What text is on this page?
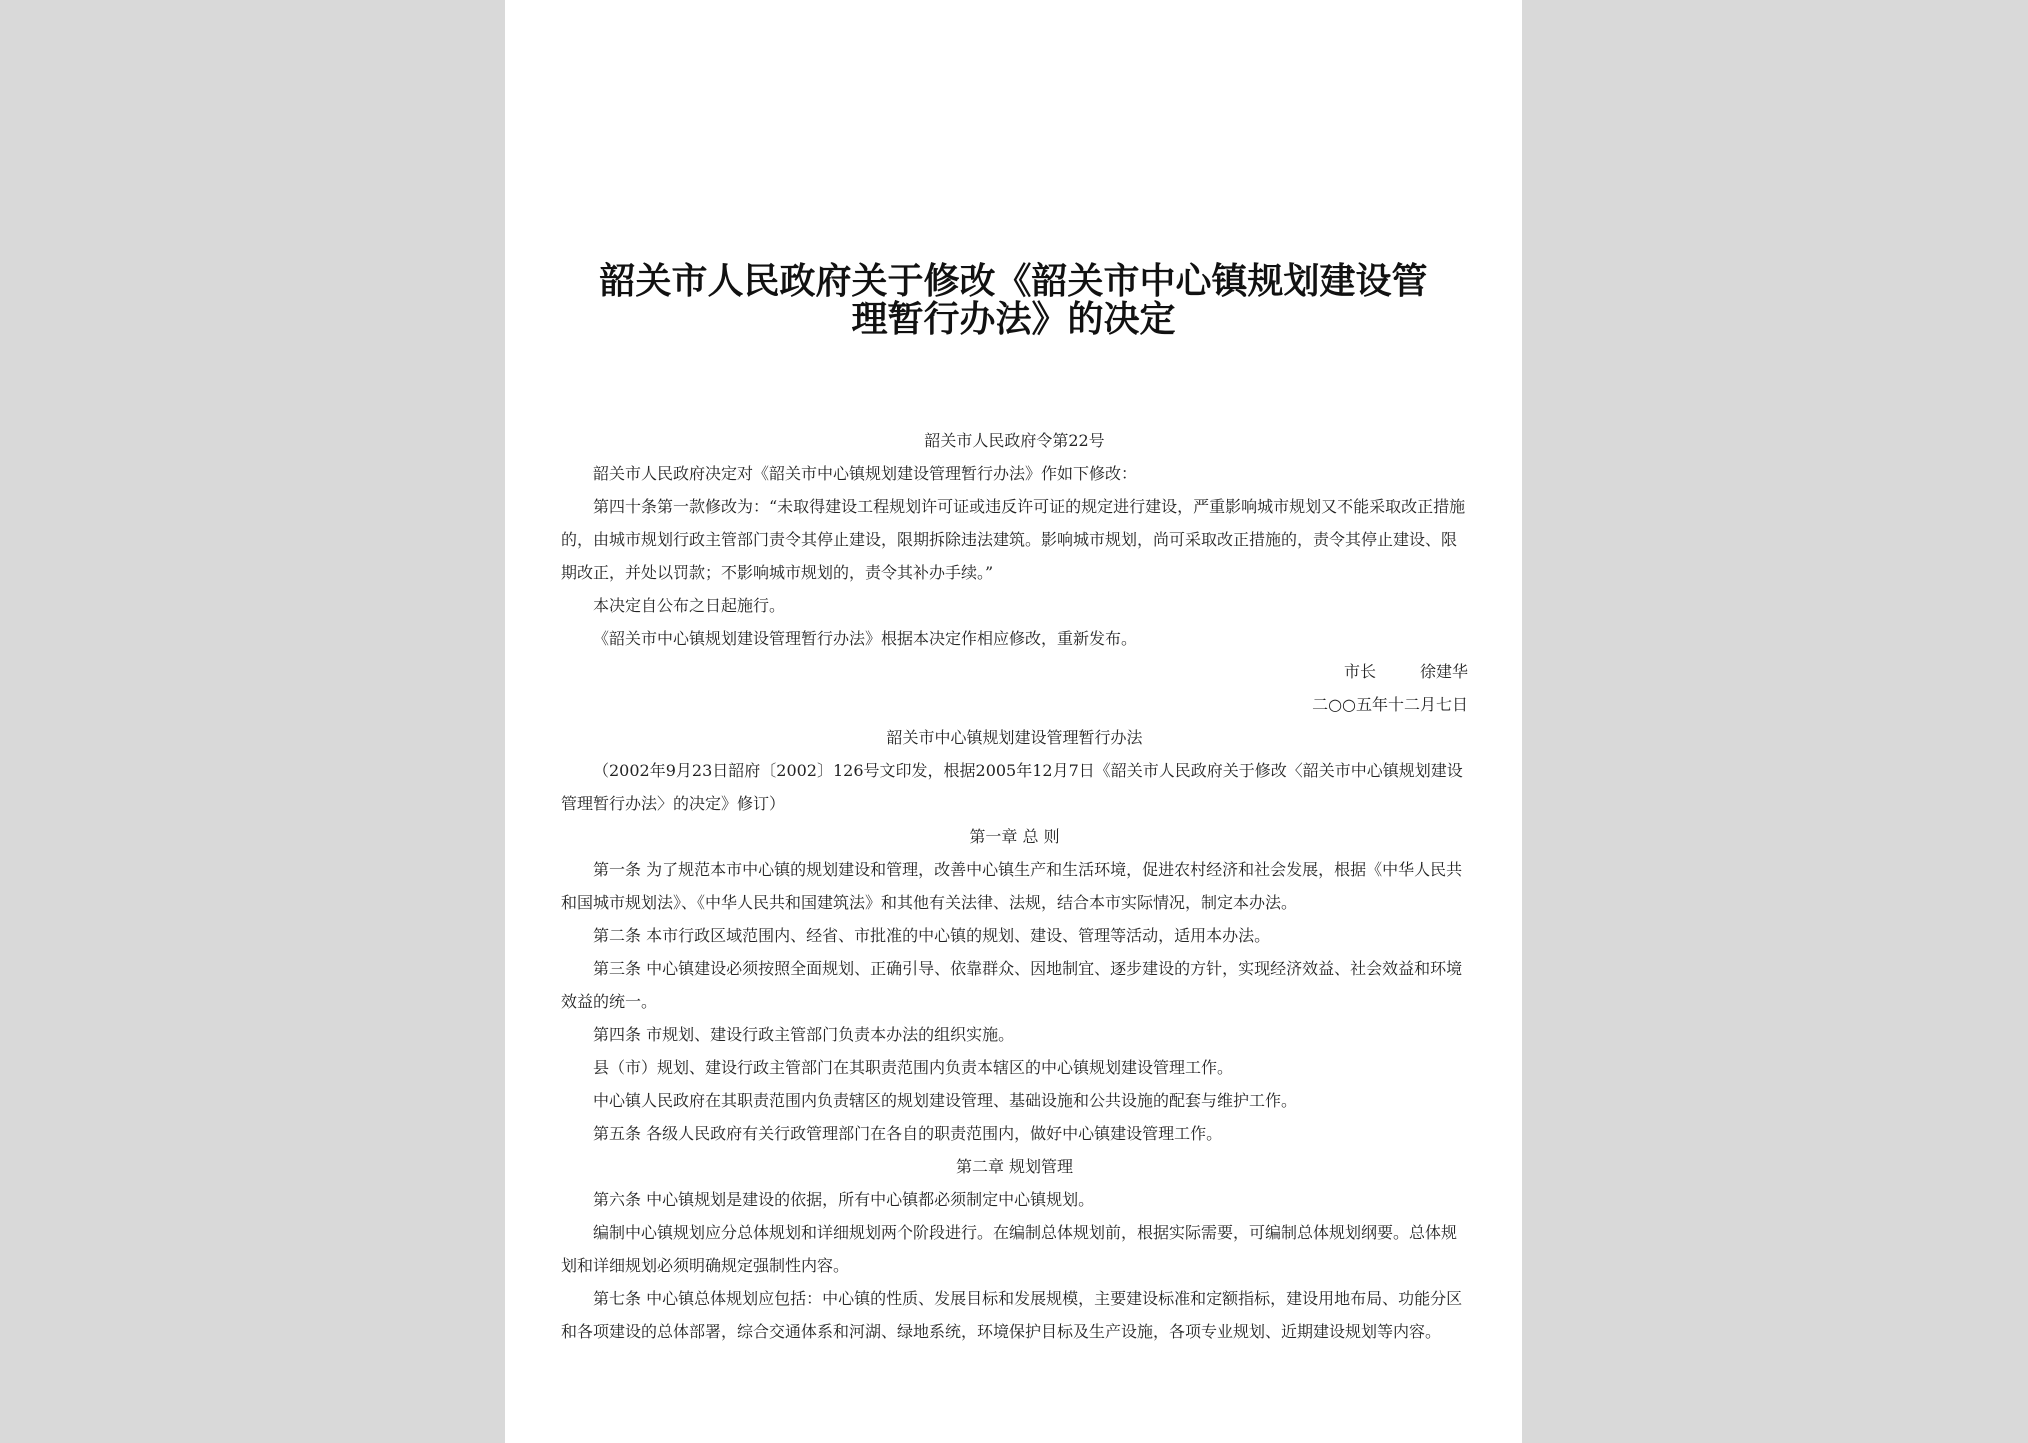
韶关市人民政府关于修改《韶关市中心镇规划建设管
理暂行办法》的决定

韶关市人民政府令第22号

韶关市人民政府决定对《韶关市中心镇规划建设管理暂行办法》作如下修改：

第四十条第一款修改为：“未取得建设工程规划许可证或违反许可证的规定进行建设，严重影响城市规划又不能采取改正措施的，由城市规划行政主管部门责令其停止建设，限期拆除违法建筑。影响城市规划，尚可采取改正措施的，责令其停止建设、限期改正，并处以罚款；不影响城市规划的，责令其补办手续。”

本决定自公布之日起施行。

《韶关市中心镇规划建设管理暂行办法》根据本决定作相应修改，重新发布。

市长	徐建华

二○○五年十二月七日

韶关市中心镇规划建设管理暂行办法

（2002年9月23日韶府〔2002〕126号文印发，根据2005年12月7日《韶关市人民政府关于修改〈韶关市中心镇规划建设管理暂行办法〉的决定》修订）

第一章 总 则

第一条 为了规范本市中心镇的规划建设和管理，改善中心镇生产和生活环境，促进农村经济和社会发展，根据《中华人民共和国城市规划法》、《中华人民共和国建筑法》和其他有关法律、法规，结合本市实际情况，制定本办法。

第二条 本市行政区域范围内、经省、市批准的中心镇的规划、建设、管理等活动，适用本办法。

第三条 中心镇建设必须按照全面规划、正确引导、依靠群众、因地制宜、逐步建设的方针，实现经济效益、社会效益和环境效益的统一。

第四条 市规划、建设行政主管部门负责本办法的组织实施。

县（市）规划、建设行政主管部门在其职责范围内负责本辖区的中心镇规划建设管理工作。

中心镇人民政府在其职责范围内负责辖区的规划建设管理、基础设施和公共设施的配套与维护工作。

第五条 各级人民政府有关行政管理部门在各自的职责范围内，做好中心镇建设管理工作。

第二章 规划管理

第六条 中心镇规划是建设的依据，所有中心镇都必须制定中心镇规划。

编制中心镇规划应分总体规划和详细规划两个阶段进行。在编制总体规划前，根据实际需要，可编制总体规划纲要。总体规划和详细规划必须明确规定强制性内容。

第七条 中心镇总体规划应包括：中心镇的性质、发展目标和发展规模，主要建设标准和定额指标，建设用地布局、功能分区和各项建设的总体部署，综合交通体系和河湖、绿地系统，环境保护目标及生产设施，各项专业规划、近期建设规划等内容。
